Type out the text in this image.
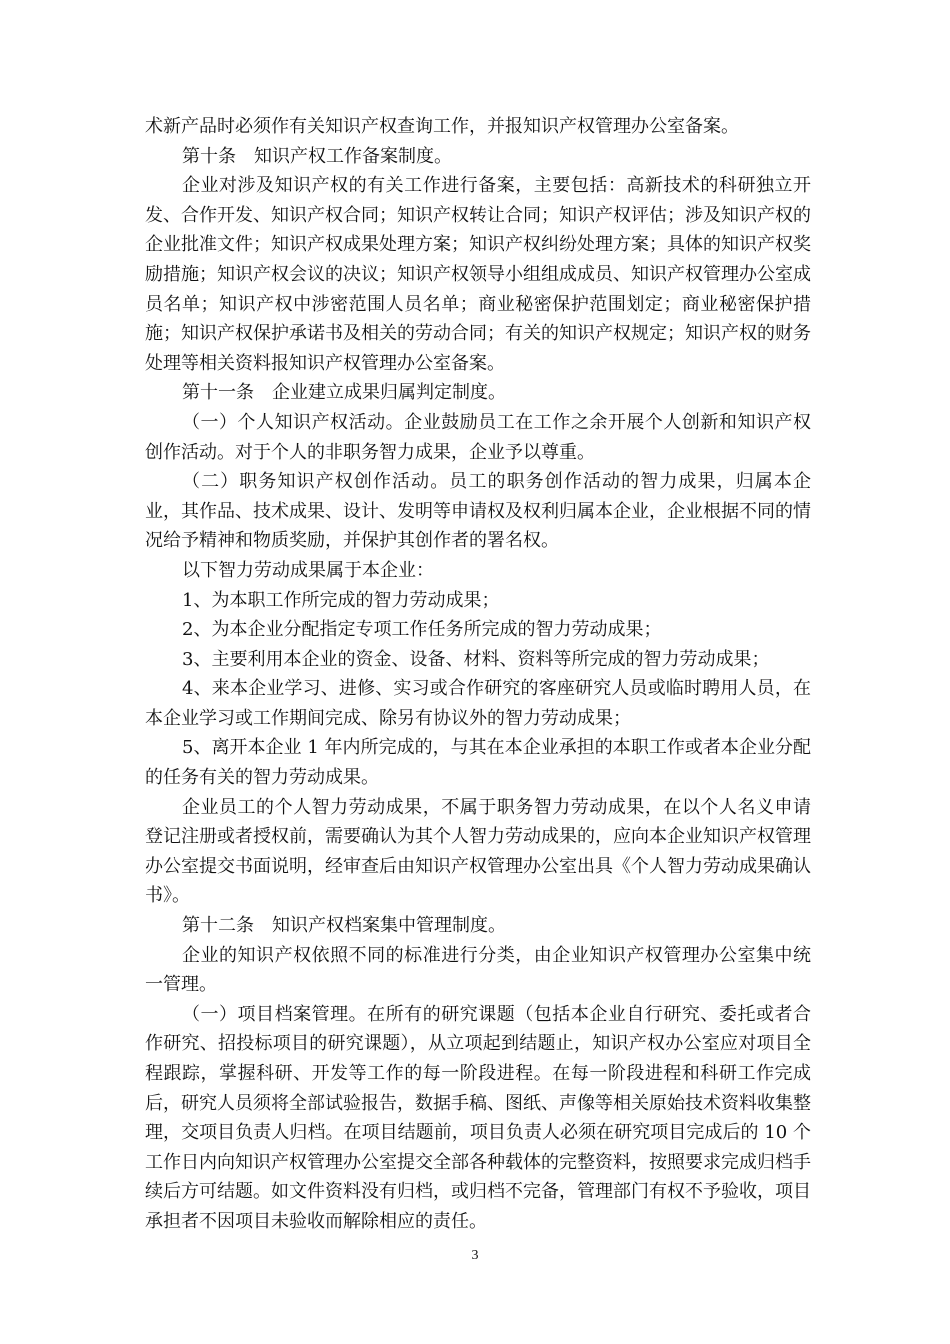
术新产品时必须作有关知识产权查询工作，并报知识产权管理办公室备案。

第十条　知识产权工作备案制度。

企业对涉及知识产权的有关工作进行备案，主要包括：高新技术的科研独立开发、合作开发、知识产权合同；知识产权转让合同；知识产权评估；涉及知识产权的企业批准文件；知识产权成果处理方案；知识产权纠纷处理方案；具体的知识产权奖励措施；知识产权会议的决议；知识产权领导小组组成成员、知识产权管理办公室成员名单；知识产权中涉密范围人员名单；商业秘密保护范围划定；商业秘密保护措施；知识产权保护承诺书及相关的劳动合同；有关的知识产权规定；知识产权的财务处理等相关资料报知识产权管理办公室备案。

第十一条　企业建立成果归属判定制度。

（一）个人知识产权活动。企业鼓励员工在工作之余开展个人创新和知识产权创作活动。对于个人的非职务智力成果，企业予以尊重。

（二）职务知识产权创作活动。员工的职务创作活动的智力成果，归属本企业，其作品、技术成果、设计、发明等申请权及权利归属本企业，企业根据不同的情况给予精神和物质奖励，并保护其创作者的署名权。

以下智力劳动成果属于本企业：

1、为本职工作所完成的智力劳动成果；

2、为本企业分配指定专项工作任务所完成的智力劳动成果；

3、主要利用本企业的资金、设备、材料、资料等所完成的智力劳动成果；

4、来本企业学习、进修、实习或合作研究的客座研究人员或临时聘用人员，在本企业学习或工作期间完成、除另有协议外的智力劳动成果；

5、离开本企业 1 年内所完成的，与其在本企业承担的本职工作或者本企业分配的任务有关的智力劳动成果。

企业员工的个人智力劳动成果，不属于职务智力劳动成果，在以个人名义申请登记注册或者授权前，需要确认为其个人智力劳动成果的，应向本企业知识产权管理办公室提交书面说明，经审查后由知识产权管理办公室出具《个人智力劳动成果确认书》。

第十二条　知识产权档案集中管理制度。

企业的知识产权依照不同的标准进行分类，由企业知识产权管理办公室集中统一管理。

（一）项目档案管理。在所有的研究课题（包括本企业自行研究、委托或者合作研究、招投标项目的研究课题），从立项起到结题止，知识产权办公室应对项目全程跟踪，掌握科研、开发等工作的每一阶段进程。在每一阶段进程和科研工作完成后，研究人员须将全部试验报告，数据手稿、图纸、声像等相关原始技术资料收集整理，交项目负责人归档。在项目结题前，项目负责人必须在研究项目完成后的 10 个工作日内向知识产权管理办公室提交全部各种载体的完整资料，按照要求完成归档手续后方可结题。如文件资料没有归档，或归档不完备，管理部门有权不予验收，项目承担者不因项目未验收而解除相应的责任。

3
